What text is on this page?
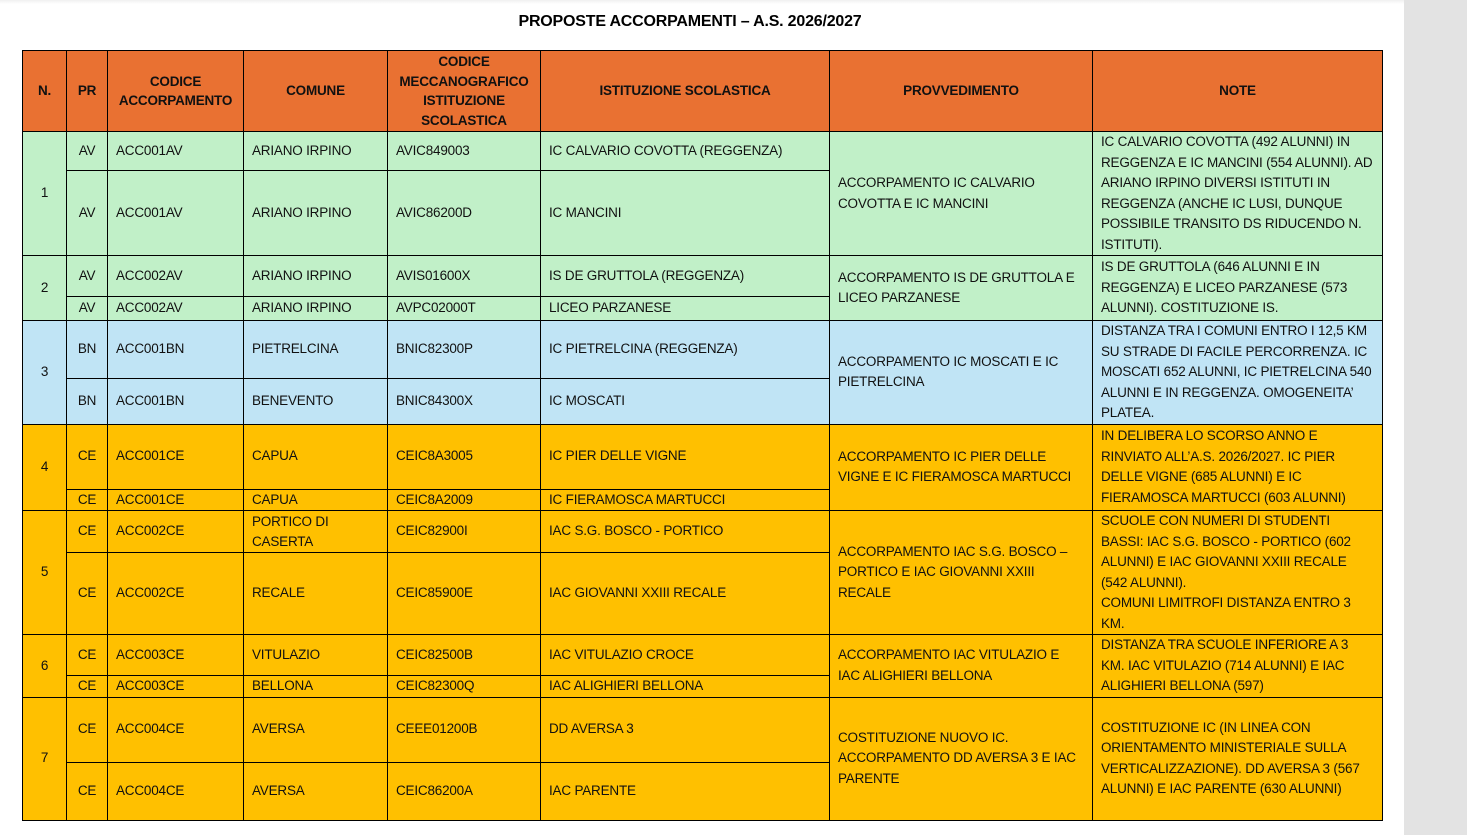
PROPOSTE ACCORPAMENTI – A.S. 2026/2027
N.	PR	CODICE ACCORPAMENTO	COMUNE	CODICE MECCANOGRAFICO ISTITUZIONE SCOLASTICA	ISTITUZIONE SCOLASTICA	PROVVEDIMENTO	NOTE
1	AV	ACC001AV	ARIANO IRPINO	AVIC849003	IC CALVARIO COVOTTA (REGGENZA)	ACCORPAMENTO IC CALVARIO COVOTTA E IC MANCINI	IC CALVARIO COVOTTA (492 ALUNNI) IN REGGENZA E IC MANCINI (554 ALUNNI). AD ARIANO IRPINO DIVERSI ISTITUTI IN REGGENZA (ANCHE IC LUSI, DUNQUE POSSIBILE TRANSITO DS RIDUCENDO N. ISTITUTI).
	AV	ACC001AV	ARIANO IRPINO	AVIC86200D	IC MANCINI		
2	AV	ACC002AV	ARIANO IRPINO	AVIS01600X	IS DE GRUTTOLA (REGGENZA)	ACCORPAMENTO IS DE GRUTTOLA E LICEO PARZANESE	IS DE GRUTTOLA (646 ALUNNI E IN REGGENZA) E LICEO PARZANESE (573 ALUNNI). COSTITUZIONE IS.
	AV	ACC002AV	ARIANO IRPINO	AVPC02000T	LICEO PARZANESE		
3	BN	ACC001BN	PIETRELCINA	BNIC82300P	IC PIETRELCINA (REGGENZA)	ACCORPAMENTO IC MOSCATI E IC PIETRELCINA	DISTANZA TRA I COMUNI ENTRO I 12,5 KM SU STRADE DI FACILE PERCORRENZA. IC MOSCATI 652 ALUNNI, IC PIETRELCINA 540 ALUNNI E IN REGGENZA. OMOGENEITA’ PLATEA.
	BN	ACC001BN	BENEVENTO	BNIC84300X	IC MOSCATI		
4	CE	ACC001CE	CAPUA	CEIC8A3005	IC PIER DELLE VIGNE	ACCORPAMENTO IC PIER DELLE VIGNE E IC FIERAMOSCA MARTUCCI	IN DELIBERA LO SCORSO ANNO E RINVIATO ALL’A.S. 2026/2027. IC PIER DELLE VIGNE (685 ALUNNI) E IC FIERAMOSCA MARTUCCI (603 ALUNNI)
	CE	ACC001CE	CAPUA	CEIC8A2009	IC FIERAMOSCA MARTUCCI		
5	CE	ACC002CE	PORTICO DI CASERTA	CEIC82900I	IAC S.G. BOSCO - PORTICO	ACCORPAMENTO IAC S.G. BOSCO – PORTICO E IAC GIOVANNI XXIII RECALE	SCUOLE CON NUMERI DI STUDENTI BASSI: IAC S.G. BOSCO - PORTICO (602 ALUNNI) E IAC GIOVANNI XXIII RECALE (542 ALUNNI).
COMUNI LIMITROFI DISTANZA ENTRO 3 KM.
	CE	ACC002CE	RECALE	CEIC85900E	IAC GIOVANNI XXIII RECALE		
6	CE	ACC003CE	VITULAZIO	CEIC82500B	IAC VITULAZIO CROCE	ACCORPAMENTO IAC VITULAZIO E IAC ALIGHIERI BELLONA	DISTANZA TRA SCUOLE INFERIORE A 3 KM. IAC VITULAZIO (714 ALUNNI) E IAC ALIGHIERI BELLONA (597)
	CE	ACC003CE	BELLONA	CEIC82300Q	IAC ALIGHIERI BELLONA		
7	CE	ACC004CE	AVERSA	CEEE01200B	DD AVERSA 3	COSTITUZIONE NUOVO IC. ACCORPAMENTO DD AVERSA 3 E IAC PARENTE	COSTITUZIONE IC (IN LINEA CON ORIENTAMENTO MINISTERIALE SULLA VERTICALIZZAZIONE). DD AVERSA 3 (567 ALUNNI) E IAC PARENTE (630 ALUNNI)
	CE	ACC004CE	AVERSA	CEIC86200A	IAC PARENTE		
